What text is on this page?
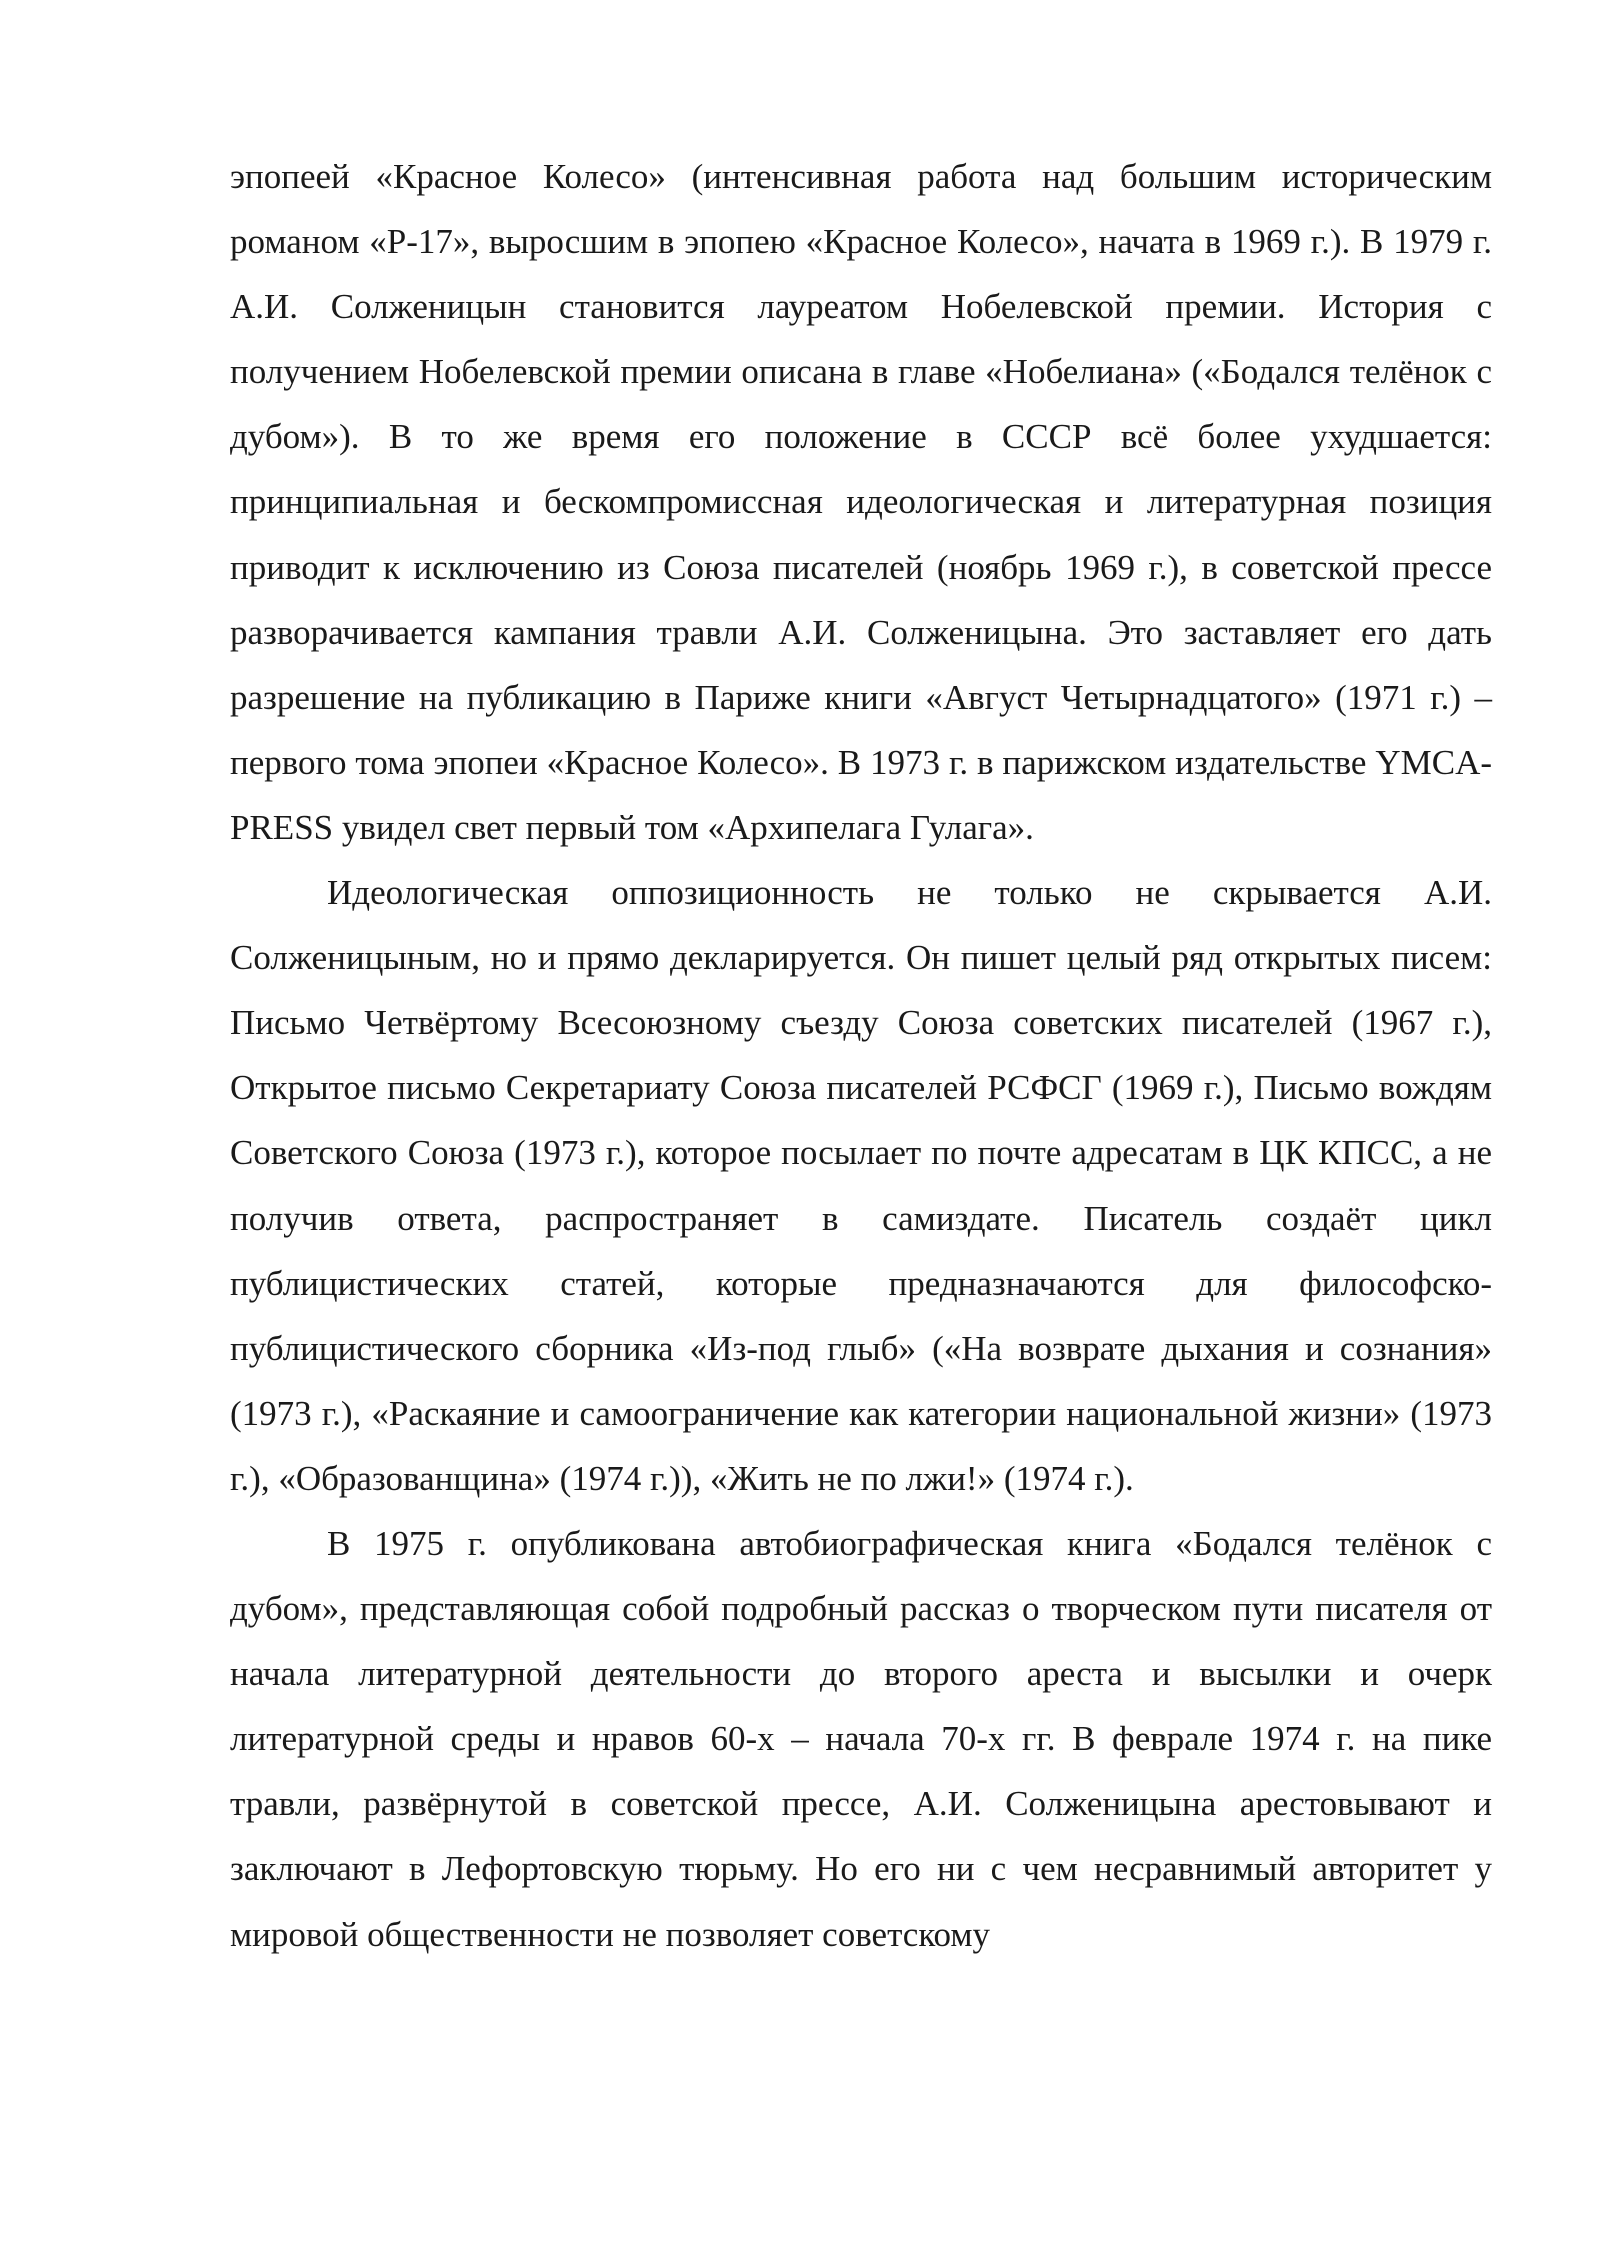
эпопеей «Красное Колесо» (интенсивная работа над большим историческим романом «Р-17», выросшим в эпопею «Красное Колесо», начата в 1969 г.). В 1979 г. А.И. Солженицын становится лауреатом Нобелевской премии. История с получением Нобелевской премии описана в главе «Нобелиана» («Бодался телёнок с дубом»). В то же время его положение в СССР всё более ухудшается: принципиальная и бескомпромиссная идеологическая и литературная позиция приводит к исключению из Союза писателей (ноябрь 1969 г.), в советской прессе разворачивается кампания травли А.И. Солженицына. Это заставляет его дать разрешение на публикацию в Париже книги «Август Четырнадцатого» (1971 г.) – первого тома эпопеи «Красное Колесо». В 1973 г. в парижском издательстве YMCA-PRESS увидел свет первый том «Архипелага Гулага».

Идеологическая оппозиционность не только не скрывается А.И. Солженицыным, но и прямо декларируется. Он пишет целый ряд открытых писем: Письмо Четвёртому Всесоюзному съезду Союза советских писателей (1967 г.), Открытое письмо Секретариату Союза писателей РСФСГ (1969 г.), Письмо вождям Советского Союза (1973 г.), которое посылает по почте адресатам в ЦК КПСС, а не получив ответа, распространяет в самиздате. Писатель создаёт цикл публицистических статей, которые предназначаются для философско-публицистического сборника «Из-под глыб» («На возврате дыхания и сознания» (1973 г.), «Раскаяние и самоограничение как категории национальной жизни» (1973 г.), «Образованщина» (1974 г.)), «Жить не по лжи!» (1974 г.).

В 1975 г. опубликована автобиографическая книга «Бодался телёнок с дубом», представляющая собой подробный рассказ о творческом пути писателя от начала литературной деятельности до второго ареста и высылки и очерк литературной среды и нравов 60-х – начала 70-х гг. В феврале 1974 г. на пике травли, развёрнутой в советской прессе, А.И. Солженицына арестовывают и заключают в Лефортовскую тюрьму. Но его ни с чем несравнимый авторитет у мировой общественности не позволяет советскому
